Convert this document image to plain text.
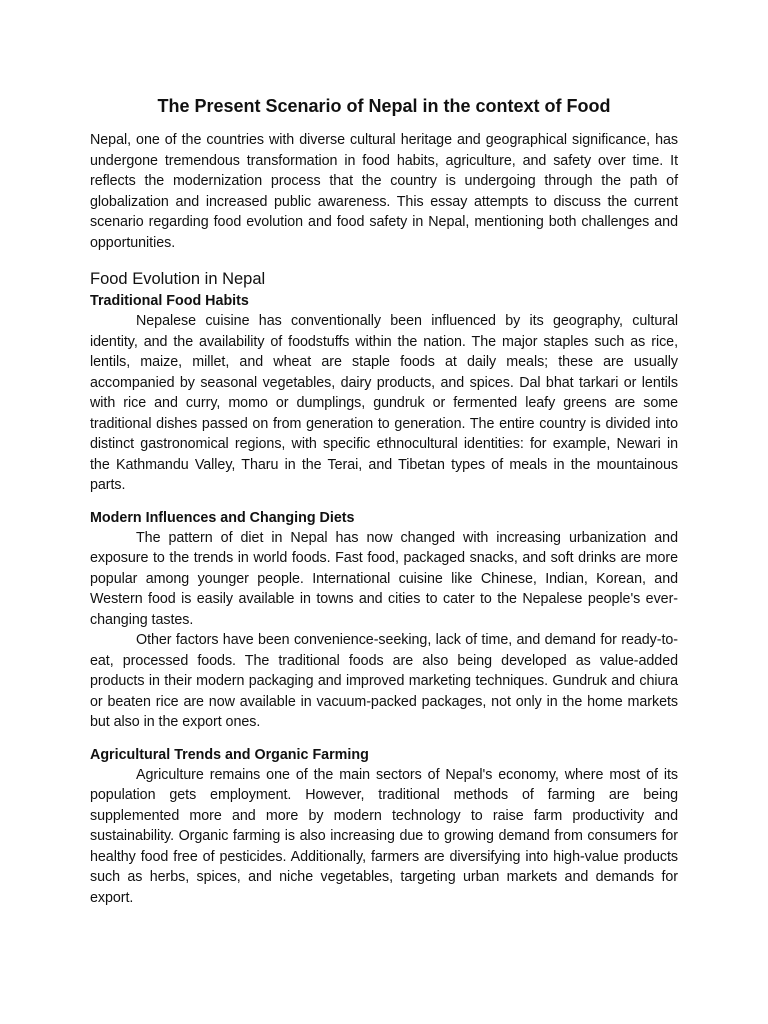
The Present Scenario of Nepal in the context of Food

Nepal, one of the countries with diverse cultural heritage and geographical significance, has undergone tremendous transformation in food habits, agriculture, and safety over time. It reflects the modernization process that the country is undergoing through the path of globalization and increased public awareness. This essay attempts to discuss the current scenario regarding food evolution and food safety in Nepal, mentioning both challenges and opportunities.

Food Evolution in Nepal
Traditional Food Habits

Nepalese cuisine has conventionally been influenced by its geography, cultural identity, and the availability of foodstuffs within the nation. The major staples such as rice, lentils, maize, millet, and wheat are staple foods at daily meals; these are usually accompanied by seasonal vegetables, dairy products, and spices. Dal bhat tarkari or lentils with rice and curry, momo or dumplings, gundruk or fermented leafy greens are some traditional dishes passed on from generation to generation. The entire country is divided into distinct gastronomical regions, with specific ethnocultural identities: for example, Newari in the Kathmandu Valley, Tharu in the Terai, and Tibetan types of meals in the mountainous parts.

Modern Influences and Changing Diets

The pattern of diet in Nepal has now changed with increasing urbanization and exposure to the trends in world foods. Fast food, packaged snacks, and soft drinks are more popular among younger people. International cuisine like Chinese, Indian, Korean, and Western food is easily available in towns and cities to cater to the Nepalese people's ever-changing tastes.

Other factors have been convenience-seeking, lack of time, and demand for ready-to-eat, processed foods. The traditional foods are also being developed as value-added products in their modern packaging and improved marketing techniques. Gundruk and chiura or beaten rice are now available in vacuum-packed packages, not only in the home markets but also in the export ones.

Agricultural Trends and Organic Farming

Agriculture remains one of the main sectors of Nepal's economy, where most of its population gets employment. However, traditional methods of farming are being supplemented more and more by modern technology to raise farm productivity and sustainability. Organic farming is also increasing due to growing demand from consumers for healthy food free of pesticides. Additionally, farmers are diversifying into high-value products such as herbs, spices, and niche vegetables, targeting urban markets and demands for export.
